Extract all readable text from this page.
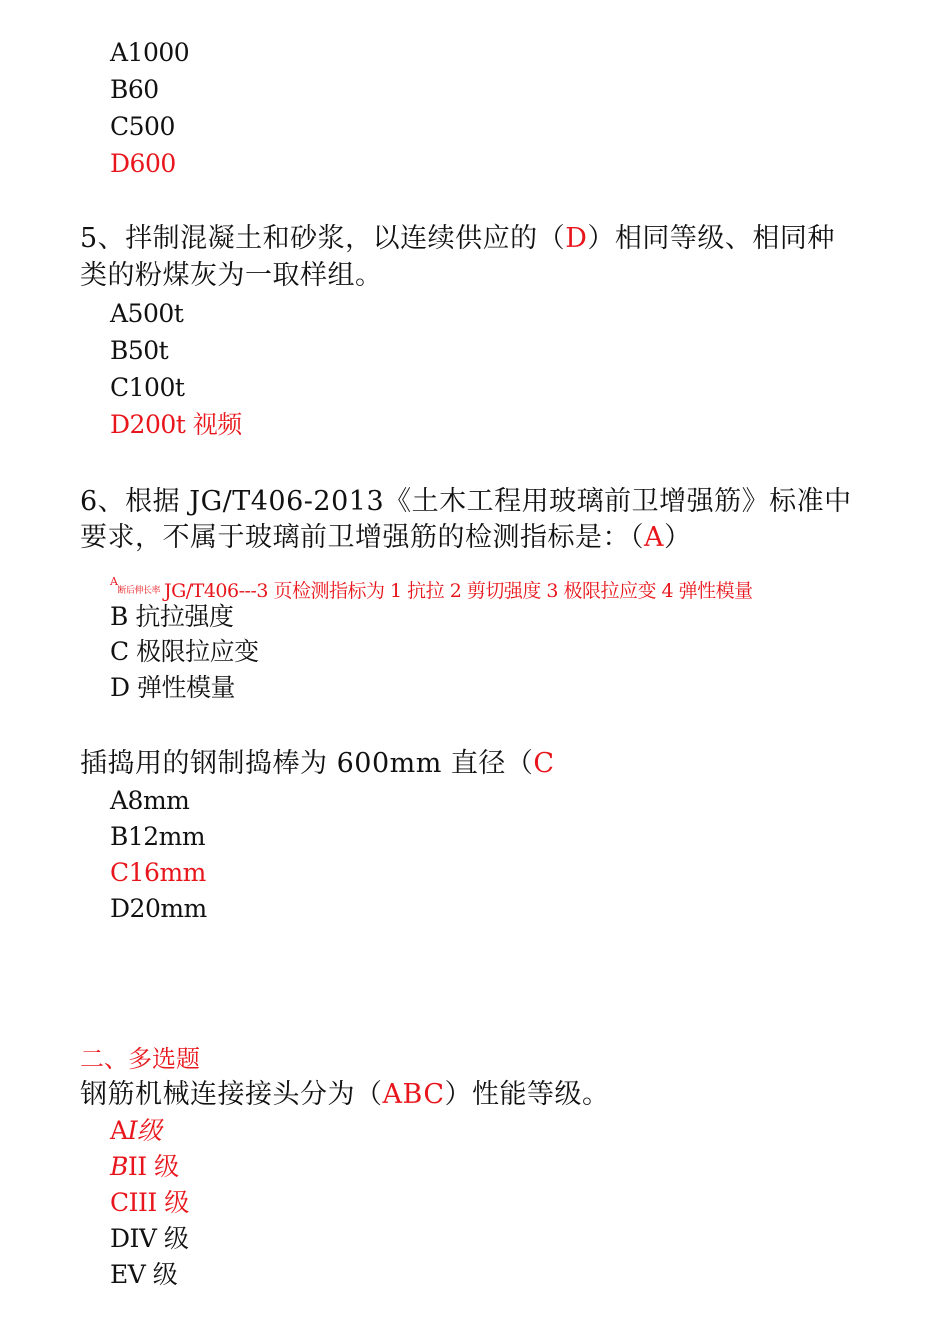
A1000
B60
C500
D600
5、拌制混凝土和砂浆，以连续供应的（D）相同等级、相同种
类的粉煤灰为一取样组。
A500t
B50t
C100t
D200t 视频
6、根据 JG/T406-2013《土木工程用玻璃前卫增强筋》标准中
要求，不属于玻璃前卫增强筋的检测指标是：（A）
$^A$断后伸长率 JG/T406---3 页检测指标为 1 抗拉 2 剪切强度 3 极限拉应变 4 弹性模量
B 抗拉强度
C 极限拉应变
D 弹性模量
插捣用的钢制捣棒为 600mm 直径（C
A8mm
B12mm
C16mm
D20mm
二、多选题
钢筋机械连接接头分为（ABC）性能等级。
AI级
BII 级
CIII 级
DIV 级
EV 级
